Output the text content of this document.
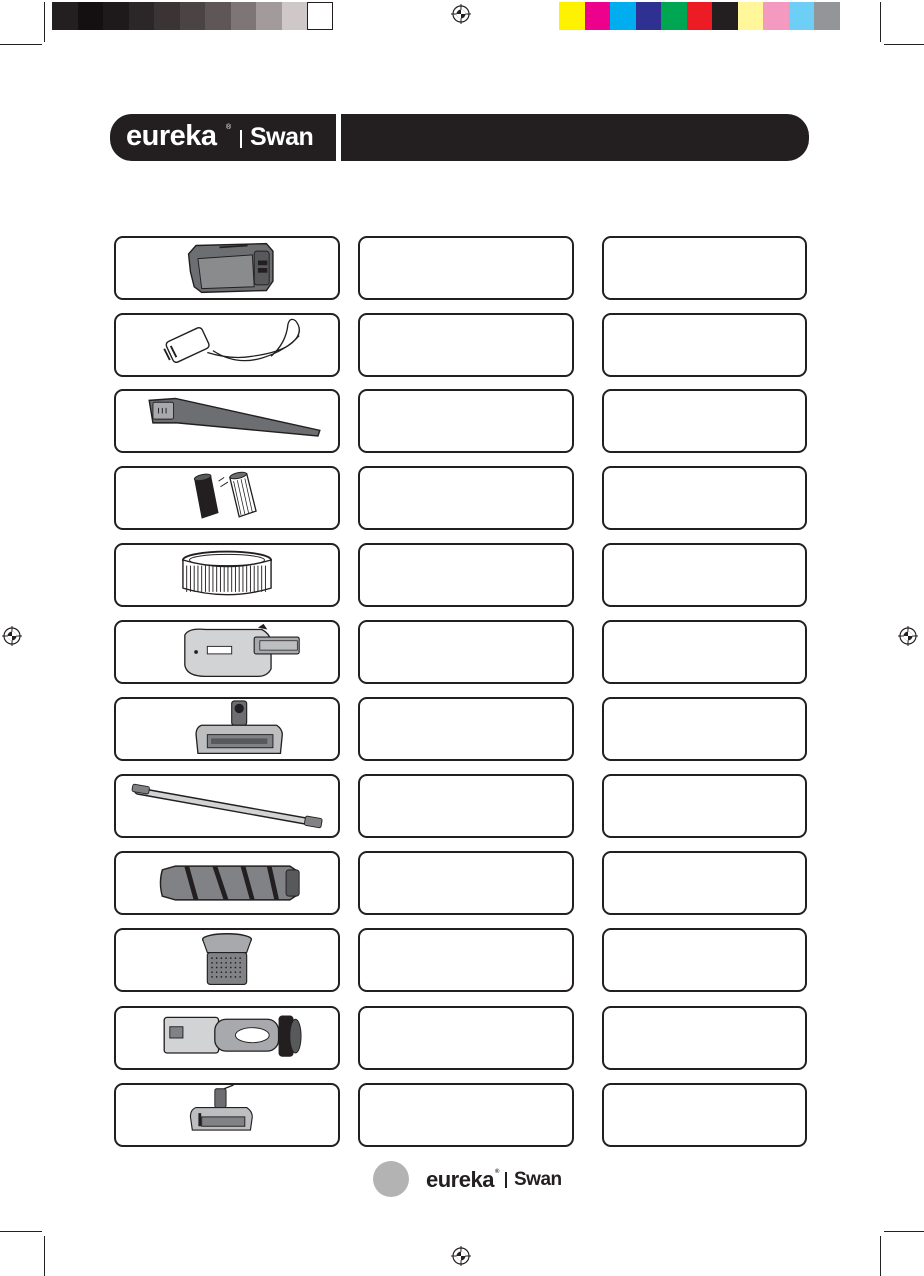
eureka ® Swan
eureka ® Swan
